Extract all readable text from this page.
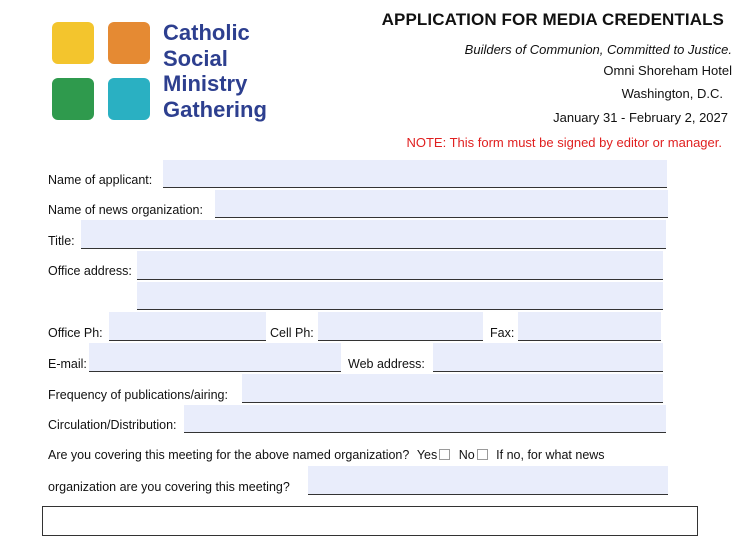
Catholic
Social
Ministry
Gathering
APPLICATION FOR MEDIA CREDENTIALS
Builders of Communion, Committed to Justice.
Omni Shoreham Hotel
Washington, D.C.
January 31 - February 2, 2027
NOTE: This form must be signed by editor or manager.
Name of applicant:
Name of news organization:
Title:
Office address:
Office Ph:	Cell Ph:	Fax:
E-mail:	Web address:
Frequency of publications/airing:
Circulation/Distribution:
Are you covering this meeting for the above named organization? Yes No If no, for what news
organization are you covering this meeting?
